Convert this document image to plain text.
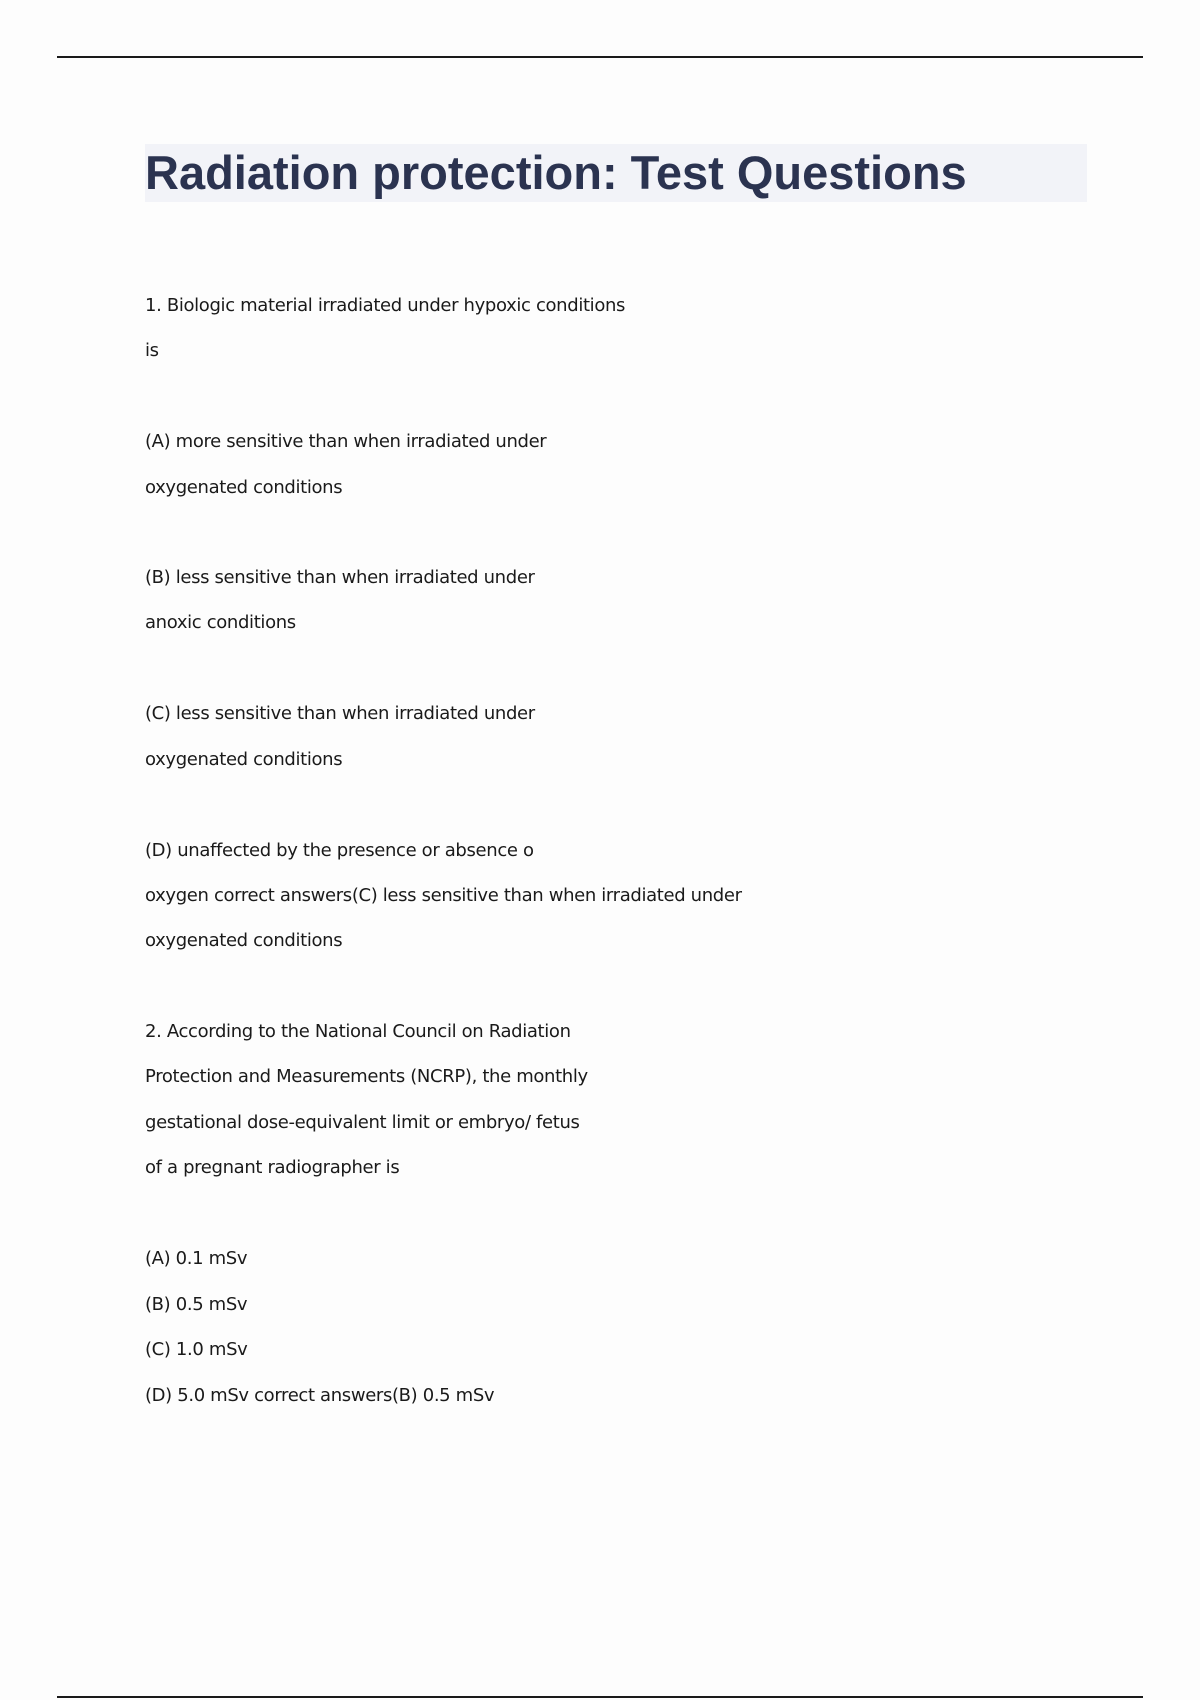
Radiation protection: Test Questions
1. Biologic material irradiated under hypoxic conditions
is
(A) more sensitive than when irradiated under
oxygenated conditions
(B) less sensitive than when irradiated under
anoxic conditions
(C) less sensitive than when irradiated under
oxygenated conditions
(D) unaffected by the presence or absence o
oxygen correct answers(C) less sensitive than when irradiated under
oxygenated conditions
2. According to the National Council on Radiation
Protection and Measurements (NCRP), the monthly
gestational dose-equivalent limit or embryo/ fetus
of a pregnant radiographer is
(A) 0.1 mSv
(B) 0.5 mSv
(C) 1.0 mSv
(D) 5.0 mSv correct answers(B) 0.5 mSv
